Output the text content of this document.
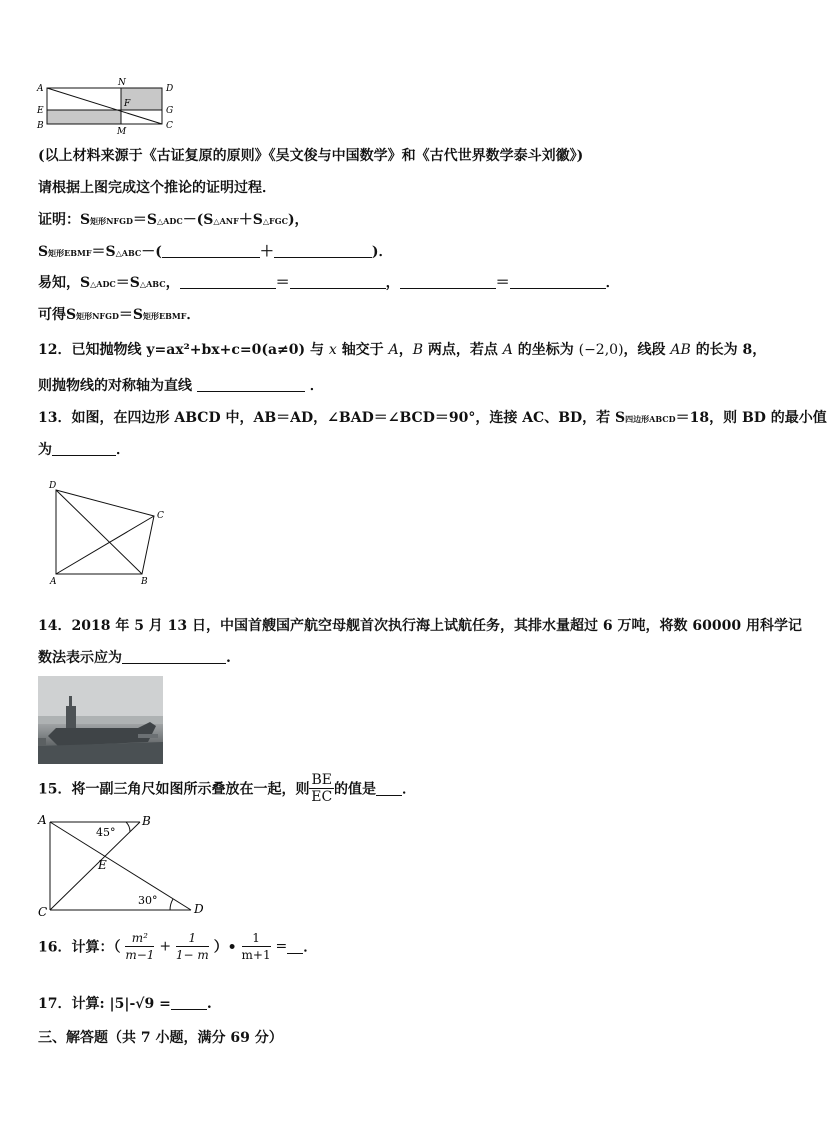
A
N
D
E
F
G
B
M
C
(以上材料来源于《古证复原的原则》《吴文俊与中国数学》和《古代世界数学泰斗刘徽》)
请根据上图完成这个推论的证明过程．
证明：S矩形NFGD＝S△ADC－(S△ANF＋S△FGC)，
S矩形EBMF＝S△ABC－(	＋	)．
易知，S△ADC＝S△ABC，	＝	，	＝	．
可得S矩形NFGD＝S矩形EBMF．
12．已知抛物线 y=ax²+bx+c=0(a≠0) 与 x 轴交于 A，B 两点，若点 A 的坐标为 (−2,0)，线段 AB 的长为 8，
则抛物线的对称轴为直线	．
13．如图，在四边形 ABCD 中，AB＝AD，∠BAD＝∠BCD＝90°，连接 AC、BD，若 S四边形ABCD＝18，则 BD 的最小值
为	．
D
C
A	B
14．2018 年 5 月 13 日，中国首艘国产航空母舰首次执行海上试航任务，其排水量超过 6 万吨，将数 60000 用科学记
数法表示应为	.
15．将一副三角尺如图所示叠放在一起，则 $\frac{BE}{EC}$ 的值是 ．
A	B
E
C	D
45°
30°
16．计算：（ $\frac{\text{m²}}{m-1} + \frac{1}{1- m}$ ）• $\frac{1}{m+1}$ = ．
17．计算: |5|-√9 =	.
三、解答题（共 7 小题，满分 69 分）
